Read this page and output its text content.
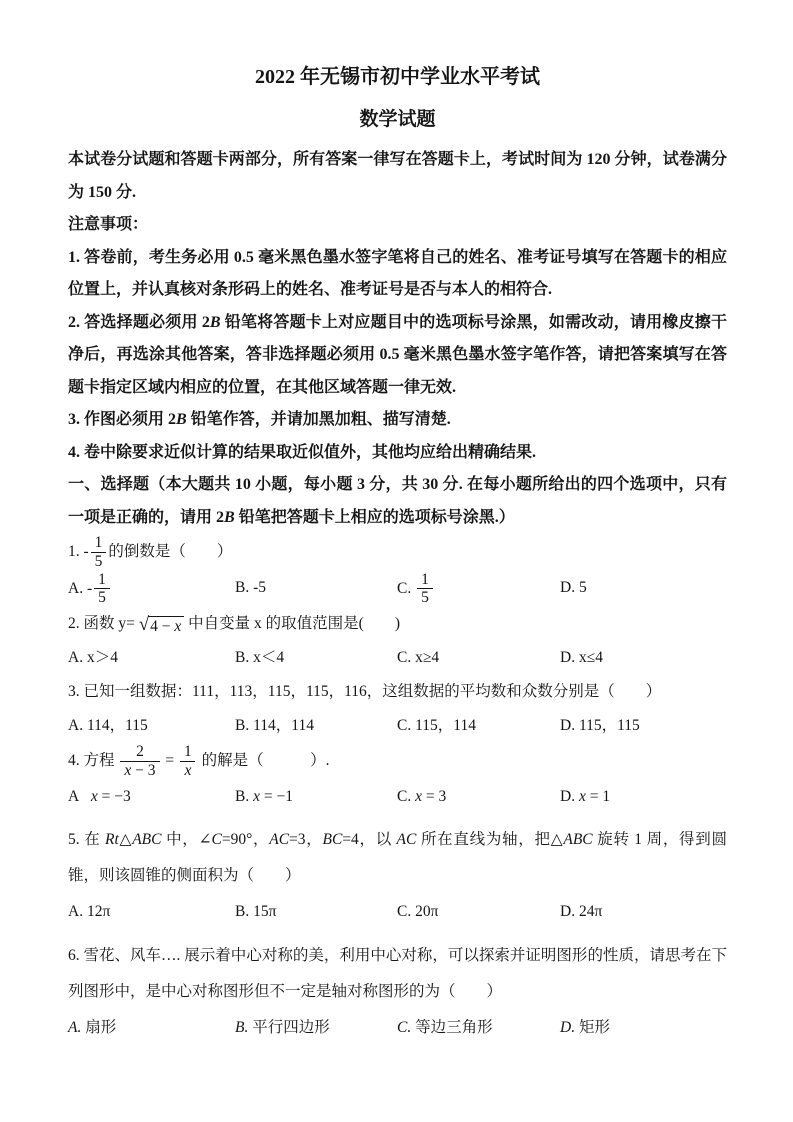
2022 年无锡市初中学业水平考试
数学试题

本试卷分试题和答题卡两部分，所有答案一律写在答题卡上，考试时间为 120 分钟，试卷满分为 150 分.

注意事项：

1. 答卷前，考生务必用 0.5 毫米黑色墨水签字笔将自己的姓名、准考证号填写在答题卡的相应位置上，并认真核对条形码上的姓名、准考证号是否与本人的相符合.

2. 答选择题必须用 2B 铅笔将答题卡上对应题目中的选项标号涂黑，如需改动，请用橡皮擦干净后，再选涂其他答案，答非选择题必须用 0.5 毫米黑色墨水签字笔作答，请把答案填写在答题卡指定区域内相应的位置，在其他区域答题一律无效.

3. 作图必须用 2B 铅笔作答，并请加黑加粗、描写清楚.

4. 卷中除要求近似计算的结果取近似值外，其他均应给出精确结果.

一、选择题（本大题共 10 小题，每小题 3 分，共 30 分. 在每小题所给出的四个选项中，只有一项是正确的，请用 2B 铅笔把答题卡上相应的选项标号涂黑.）

1. - $\frac{1}{5}$ 的倒数是（　　）

A. - $\frac{1}{5}$	B. -5	C. $\frac{1}{5}$	D. 5

2. 函数 y= √ 4 − x 中自变量 x 的取值范围是(　　)

A. x＞4	B. x＜4	C. x≥4	D. x≤4

3. 已知一组数据：111，113，115，115，116，这组数据的平均数和众数分别是（　　）

A. 114，115	B. 114，114	C. 115，114	D. 115，115

4. 方程 $\frac{2}{x - 3} = \frac{1}{x}$ 的解是（　　　）.

A  x = −3	B. x = −1	C. x = 3	D. x = 1

5. 在 Rt△ABC 中，∠C=90°，AC=3，BC=4，以 AC 所在直线为轴，把△ABC 旋转 1 周，得到圆锥，则该圆锥的侧面积为（　　）

A. 12π	B. 15π	C. 20π	D. 24π

6. 雪花、风车…. 展示着中心对称的美，利用中心对称，可以探索并证明图形的性质，请思考在下列图形中，是中心对称图形但不一定是轴对称图形的为（　　）

A. 扇形	B. 平行四边形	C. 等边三角形	D. 矩形
